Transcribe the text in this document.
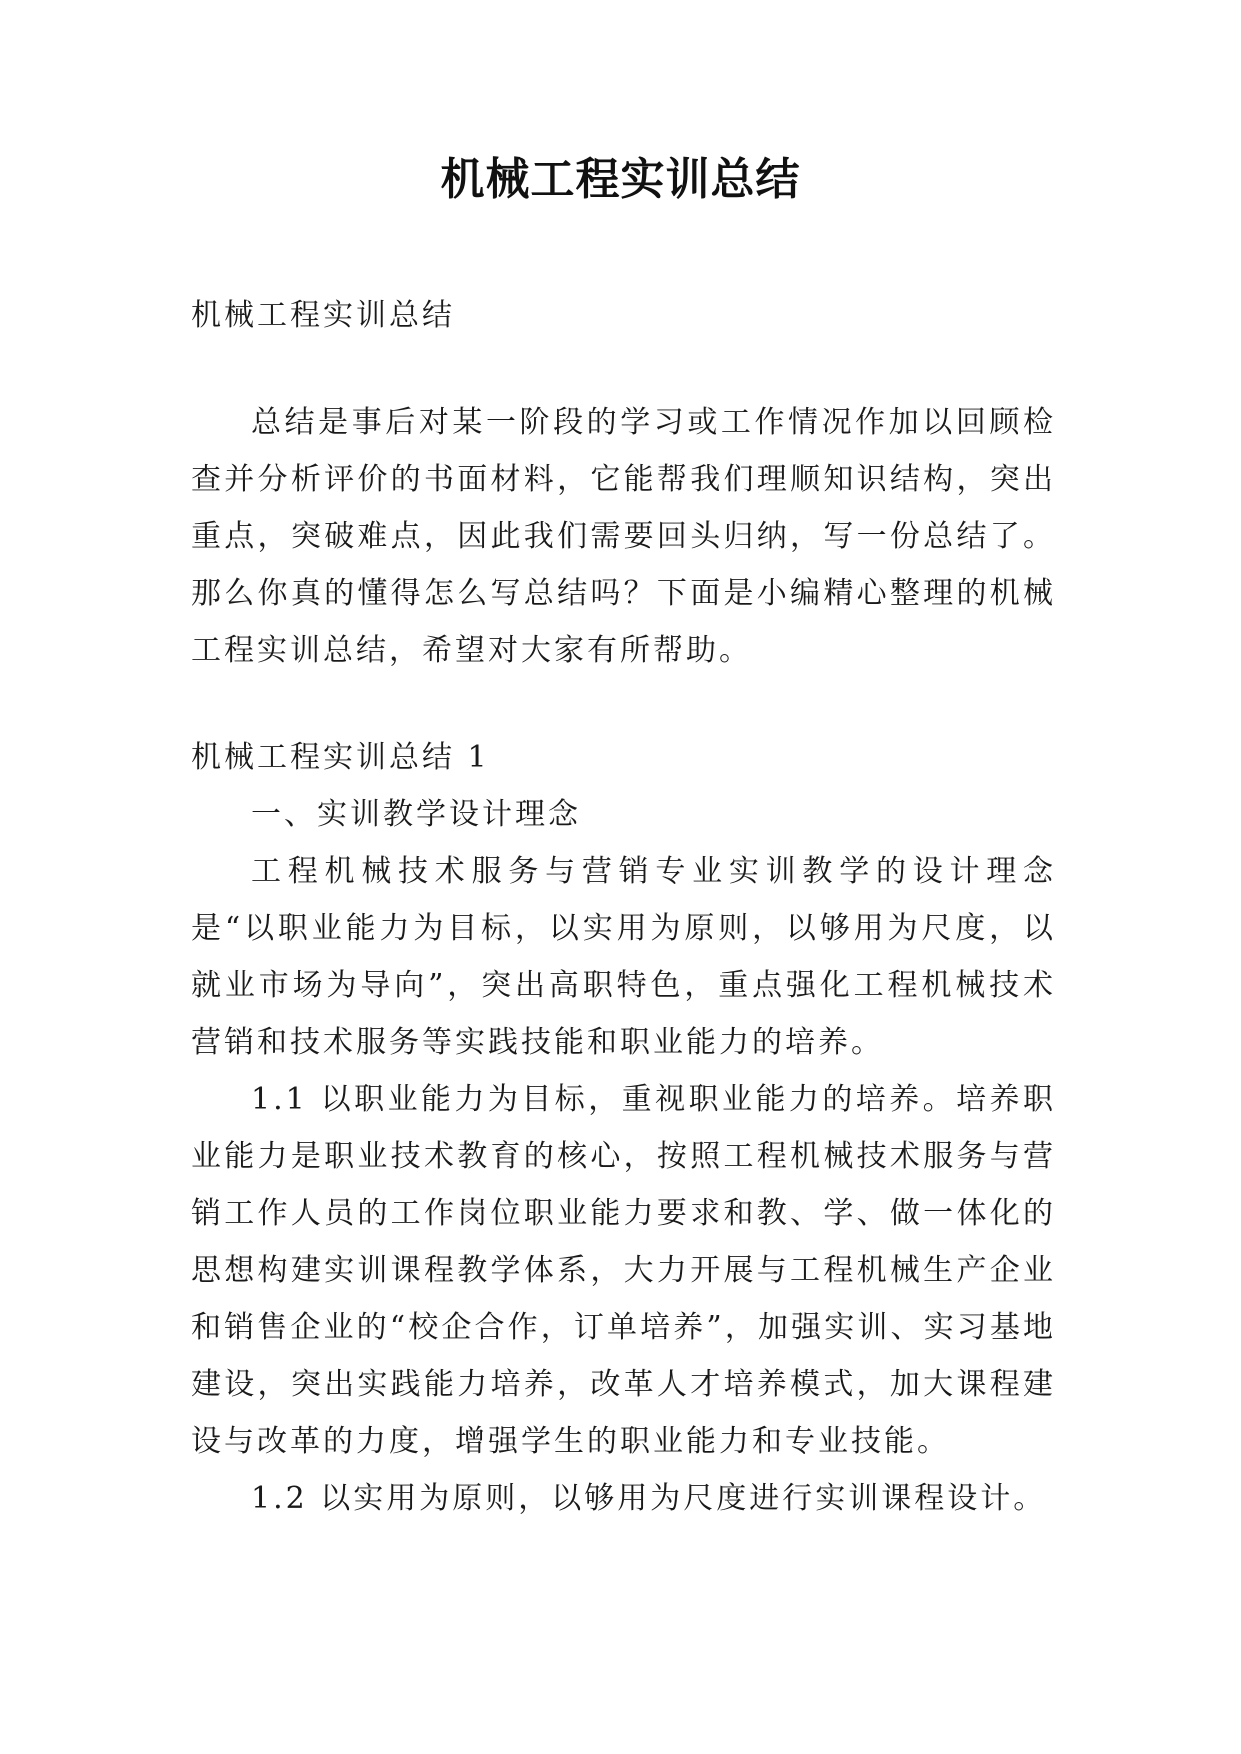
机械工程实训总结

机械工程实训总结

总结是事后对某一阶段的学习或工作情况作加以回顾检查并分析评价的书面材料，它能帮我们理顺知识结构，突出重点，突破难点，因此我们需要回头归纳，写一份总结了。那么你真的懂得怎么写总结吗？下面是小编精心整理的机械工程实训总结，希望对大家有所帮助。

机械工程实训总结 1

一、实训教学设计理念

工程机械技术服务与营销专业实训教学的设计理念是“以职业能力为目标，以实用为原则，以够用为尺度，以就业市场为导向”，突出高职特色，重点强化工程机械技术营销和技术服务等实践技能和职业能力的培养。

1.1 以职业能力为目标，重视职业能力的培养。培养职业能力是职业技术教育的核心，按照工程机械技术服务与营销工作人员的工作岗位职业能力要求和教、学、做一体化的思想构建实训课程教学体系，大力开展与工程机械生产企业和销售企业的“校企合作，订单培养”，加强实训、实习基地建设，突出实践能力培养，改革人才培养模式，加大课程建设与改革的力度，增强学生的职业能力和专业技能。

1.2 以实用为原则，以够用为尺度进行实训课程设计。
